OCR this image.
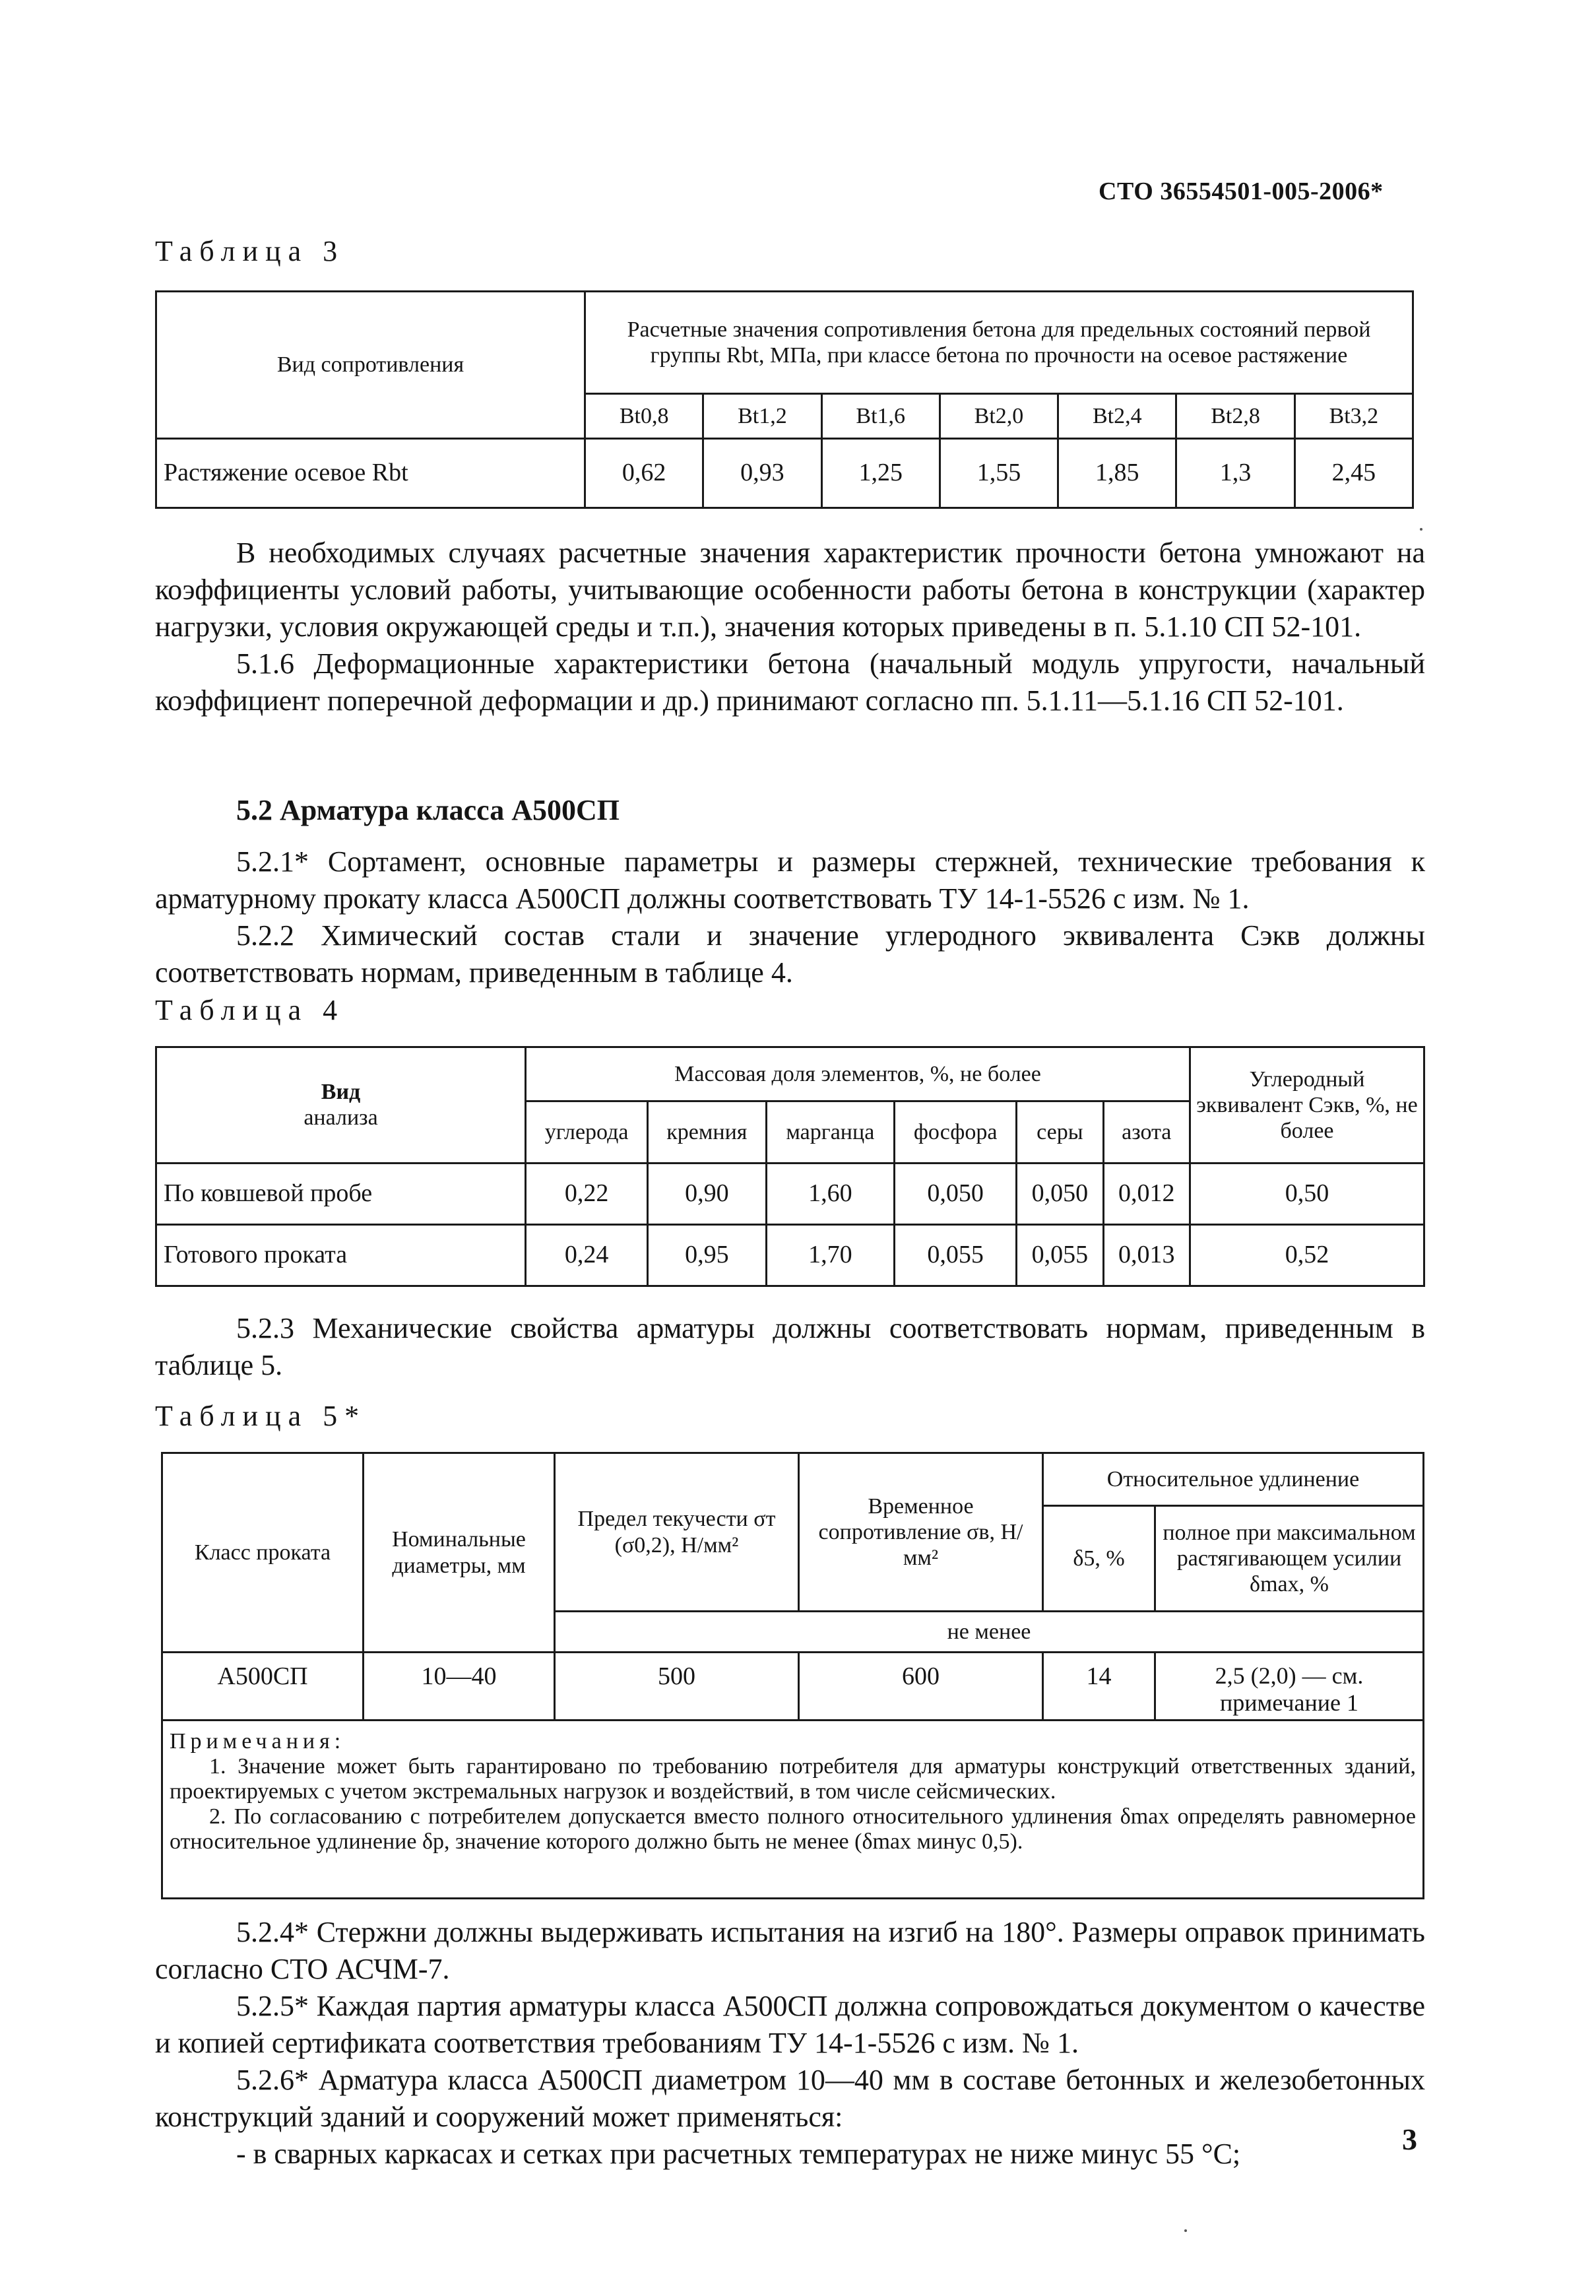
СТО 36554501-005-2006*
Таблица 3
Вид сопротивления	Расчетные значения сопротивления бетона для предельных состояний первой группы Rbt, МПа, при классе бетона по прочности на осевое растяжение						
	Bt0,8	Bt1,2	Bt1,6	Bt2,0	Bt2,4	Bt2,8	Bt3,2
Растяжение осевое Rbt	0,62	0,93	1,25	1,55	1,85	1,3	2,45

В необходимых случаях расчетные значения характеристик прочности бетона умножают на коэффициенты условий работы, учитывающие особенности работы бетона в конструкции (характер нагрузки, условия окружающей среды и т.п.), значения которых приведены в п. 5.1.10 СП 52-101.

5.1.6 Деформационные характеристики бетона (начальный модуль упругости, начальный коэффициент поперечной деформации и др.) принимают согласно пп. 5.1.11—5.1.16 СП 52-101.

5.2 Арматура класса А500СП

5.2.1* Сортамент, основные параметры и размеры стержней, технические требования к арматурному прокату класса А500СП должны соответствовать ТУ 14-1-5526 с изм. № 1.

5.2.2 Химический состав стали и значение углеродного эквивалента Cэкв должны соответствовать нормам, приведенным в таблице 4.

Таблица 4
Вид
анализа	Массовая доля элементов, %, не более						Углеродный эквивалент Cэкв, %, не более
	углерода	кремния	марганца	фосфора	серы	азота	
По ковшевой пробе	0,22	0,90	1,60	0,050	0,050	0,012	0,50
Готового проката	0,24	0,95	1,70	0,055	0,055	0,013	0,52

5.2.3 Механические свойства арматуры должны соответствовать нормам, приведенным в таблице 5.

Таблица 5*
Класс проката	Номинальные диаметры, мм	Предел текучести σт (σ0,2), Н/мм²	Временное сопротивление σв, Н/мм²	Относительное удлинение	
				δ5, %	полное при максимальном растягивающем усилии δmax, %
		не менее			
А500СП	10—40	500	600	14	2,5 (2,0) — см. примечание 1

Примечания:
1. Значение может быть гарантировано по требованию потребителя для арматуры конструкций ответственных зданий, проектируемых с учетом экстремальных нагрузок и воздействий, в том числе сейсмических.
2. По согласованию с потребителем допускается вместо полного относительного удлинения δmax определять равномерное относительное удлинение δр, значение которого должно быть не менее (δmax минус 0,5).					

5.2.4* Стержни должны выдерживать испытания на изгиб на 180°. Размеры оправок принимать согласно СТО АСЧМ-7.

5.2.5* Каждая партия арматуры класса А500СП должна сопровождаться документом о качестве и копией сертификата соответствия требованиям ТУ 14-1-5526 с изм. № 1.

5.2.6* Арматура класса А500СП диаметром 10—40 мм в составе бетонных и железобетонных конструкций зданий и сооружений может применяться:

- в сварных каркасах и сетках при расчетных температурах не ниже минус 55 °С;	3
